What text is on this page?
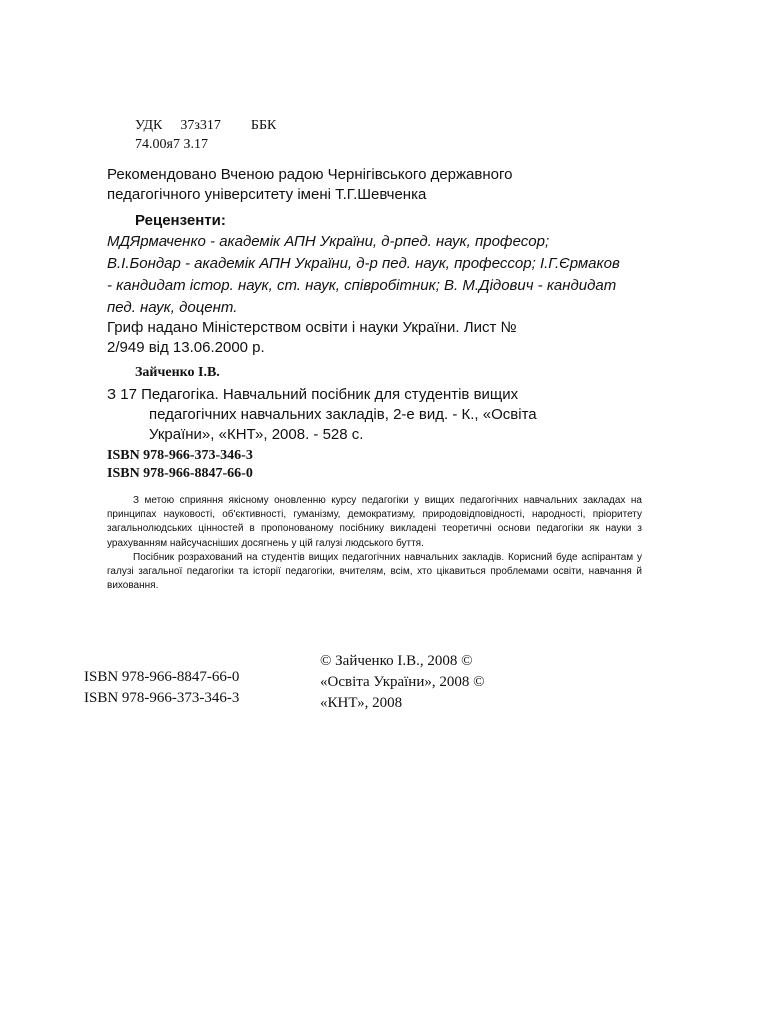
УДК 37з317 ББК
74.00я7 З.17
Рекомендовано Вченою радою Чернігівського державного
педагогічного університету імені Т.Г.Шевченка
Рецензенти:
МДЯрмаченко - академік АПН України, д-рпед. наук, професор;
В.І.Бондар - академік АПН України, д-р пед. наук, профессор; І.Г.Єрмаков
- кандидат істор. наук, ст. наук, співробітник; В. М.Дідович - кандидат
пед. наук, доцент.
Гриф надано Міністерством освіти і науки України. Лист №
2/949 від 13.06.2000 р.
Зайченко І.В.
З 17 Педагогіка. Навчальний посібник для студентів вищих
педагогічних навчальних закладів, 2-е вид. - К., «Освіта
України», «КНТ», 2008. - 528 с.
ISBN 978-966-373-346-3
ISBN 978-966-8847-66-0

З метою сприяння якісному оновленню курсу педагогіки у вищих педагогічних навчальних закладах на принципах науковості, об'єктивності, гуманізму, демократизму, природовідповідності, народності, пріоритету загальнолюдських цінностей в пропонованому посібнику викладені теоретичні основи педагогіки як науки з урахуванням найсучасніших досягнень у цій галузі людського буття.

Посібник розрахований на студентів вищих педагогічних навчальних закладів. Корисний буде аспірантам у галузі загальної педагогіки та історії педагогіки, вчителям, всім, хто цікавиться проблемами освіти, навчання й виховання.

ISBN 978-966-8847-66-0
ISBN 978-966-373-346-3
© Зайченко І.В., 2008 ©
«Освіта України», 2008 ©
«КНТ», 2008
